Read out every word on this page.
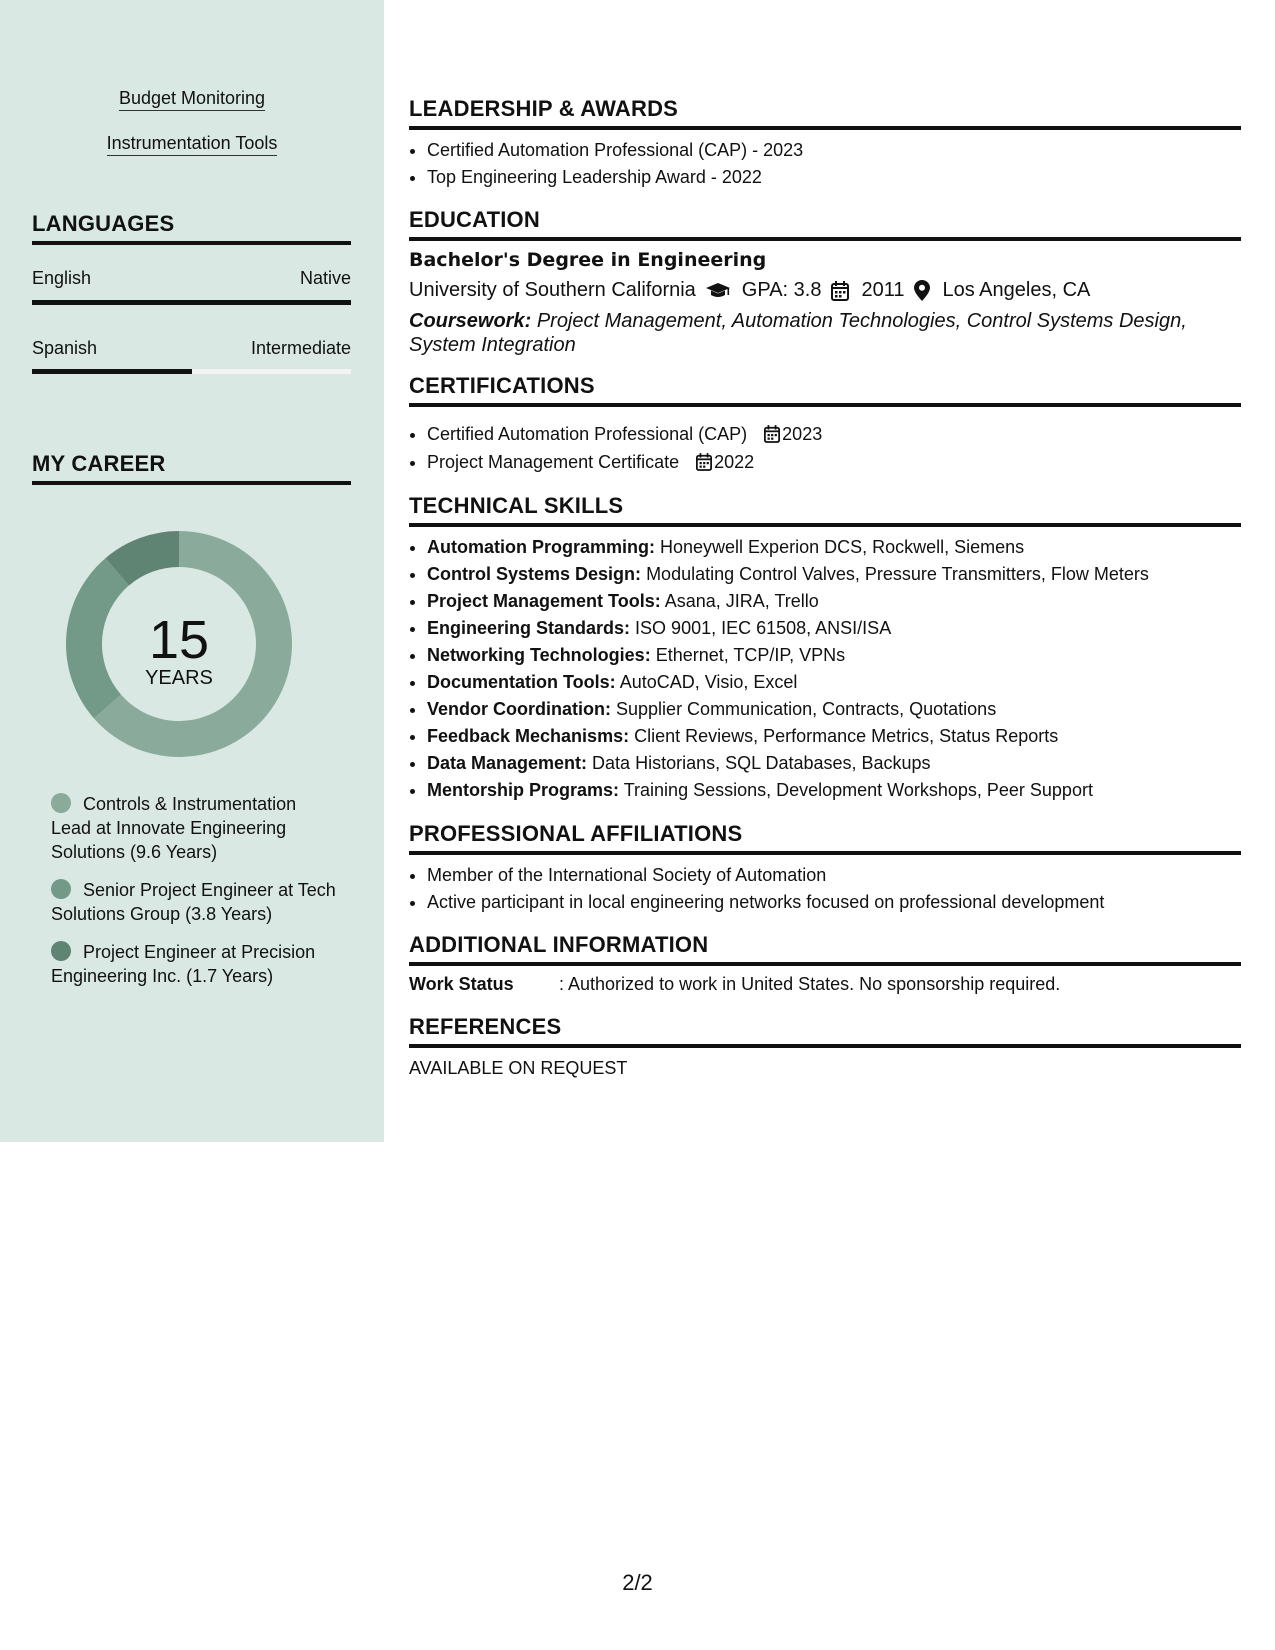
Budget Monitoring
Instrumentation Tools
LANGUAGES
English	Native
Spanish	Intermediate
MY CAREER
15
YEARS
Controls & Instrumentation Lead at Innovate Engineering Solutions (9.6 Years)
Senior Project Engineer at Tech Solutions Group (3.8 Years)
Project Engineer at Precision Engineering Inc. (1.7 Years)
LEADERSHIP & AWARDS
• Certified Automation Professional (CAP) - 2023
• Top Engineering Leadership Award - 2022
EDUCATION
Bachelor's Degree in Engineering
University of Southern California GPA: 3.8 2011 Los Angeles, CA
Coursework: Project Management, Automation Technologies, Control Systems Design, System Integration
CERTIFICATIONS
• Certified Automation Professional (CAP) 2023
• Project Management Certificate 2022
TECHNICAL SKILLS
• Automation Programming: Honeywell Experion DCS, Rockwell, Siemens
• Control Systems Design: Modulating Control Valves, Pressure Transmitters, Flow Meters
• Project Management Tools: Asana, JIRA, Trello
• Engineering Standards: ISO 9001, IEC 61508, ANSI/ISA
• Networking Technologies: Ethernet, TCP/IP, VPNs
• Documentation Tools: AutoCAD, Visio, Excel
• Vendor Coordination: Supplier Communication, Contracts, Quotations
• Feedback Mechanisms: Client Reviews, Performance Metrics, Status Reports
• Data Management: Data Historians, SQL Databases, Backups
• Mentorship Programs: Training Sessions, Development Workshops, Peer Support
PROFESSIONAL AFFILIATIONS
• Member of the International Society of Automation
• Active participant in local engineering networks focused on professional development
ADDITIONAL INFORMATION
Work Status	: Authorized to work in United States. No sponsorship required.
REFERENCES
AVAILABLE ON REQUEST
2/2
